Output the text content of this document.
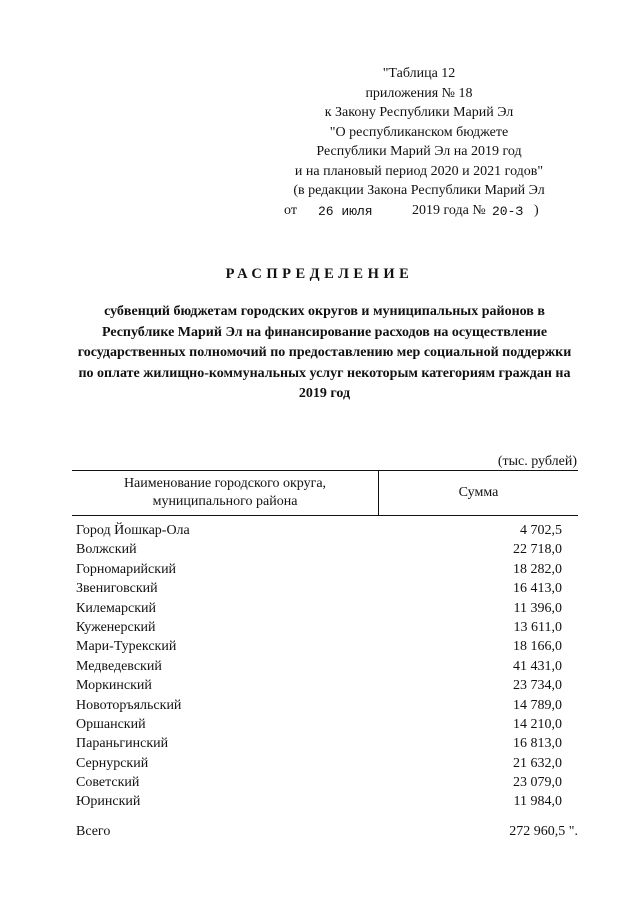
"Таблица 12
приложения № 18
к Закону Республики Марий Эл
"О республиканском бюджете
Республики Марий Эл на 2019 год
и на плановый период 2020 и 2021 годов"
(в редакции Закона Республики Марий Эл
от 26 июля	2019 года № 20-З )
РАСПРЕДЕЛЕНИЕ
субвенций бюджетам городских округов и муниципальных районов в Республике Марий Эл на финансирование расходов на осуществление государственных полномочий по предоставлению мер социальной поддержки по оплате жилищно-коммунальных услуг некоторым категориям граждан на 2019 год
(тыс. рублей)
Наименование городского округа,
муниципального района
Сумма
Город Йошкар-Ола	4 702,5
Волжский	22 718,0
Горномарийский	18 282,0
Звениговский	16 413,0
Килемарский	11 396,0
Куженерский	13 611,0
Мари-Турекский	18 166,0
Медведевский	41 431,0
Моркинский	23 734,0
Новоторъяльский	14 789,0
Оршанский	14 210,0
Параньгинский	16 813,0
Сернурский	21 632,0
Советский	23 079,0
Юринский	11 984,0
Всего	272 960,5 ".
